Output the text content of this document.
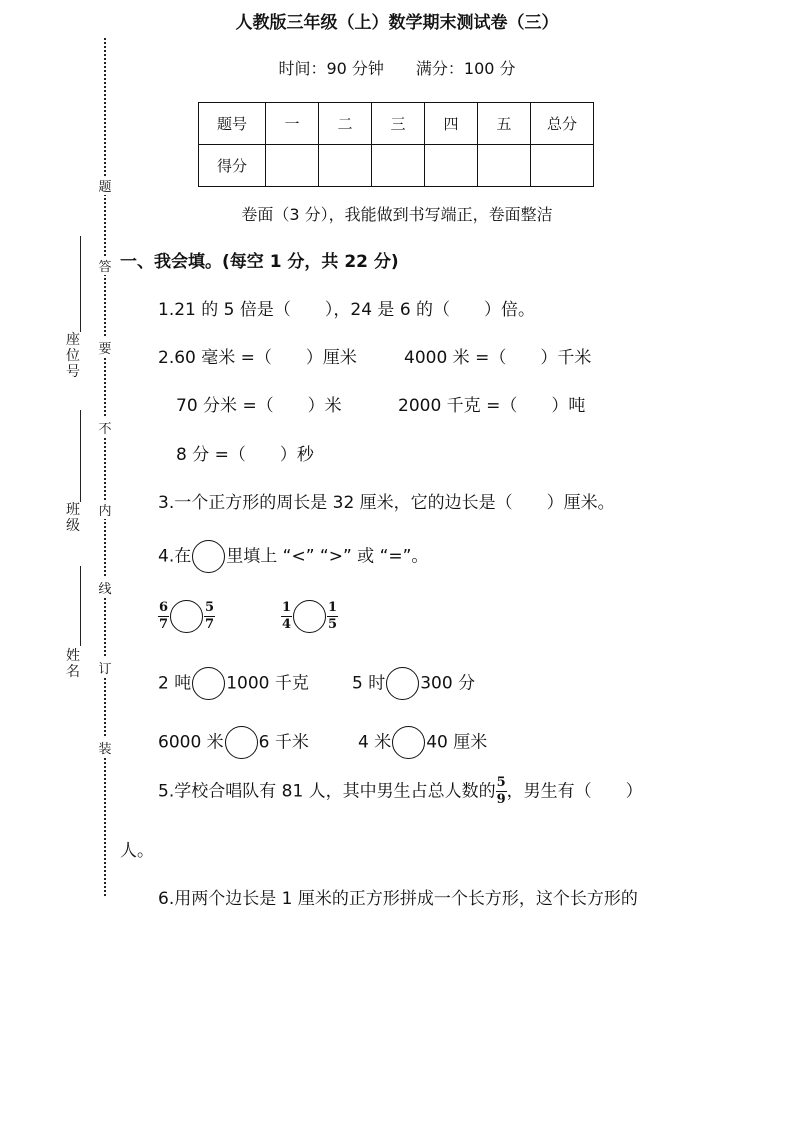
人教版三年级（上）数学期末测试卷（三）
时间：90 分钟 满分：100 分
题号	一	二	三	四	五	总分
得分						
卷面（3 分），我能做到书写端正，卷面整洁
题
答
要
不
内
线
订
装
座位号
班级
姓名
一、我会填。(每空 1 分，共 22 分)
1.21 的 5 倍是（　　），24 是 6 的（　　）倍。
2.60 毫米 =（　　）厘米	4000 米 =（　　）千米
70 分米 =（　　）米	2000 千克 =（　　）吨
8 分 =（　　）秒
3.一个正方形的周长是 32 厘米，它的边长是（　　）厘米。
4.在 里填上 “<” “>” 或 “=”。
$\frac{6}{7}$	$\frac{5}{7}$	$\frac{1}{4}$	$\frac{1}{5}$
2 吨 1000 千克	5 时 300 分
6000 米 6 千米	4 米 40 厘米
5.学校合唱队有 81 人，其中男生占总人数的 $\frac{5}{9}$ ，男生有（　　）
人。
6.用两个边长是 1 厘米的正方形拼成一个长方形，这个长方形的
